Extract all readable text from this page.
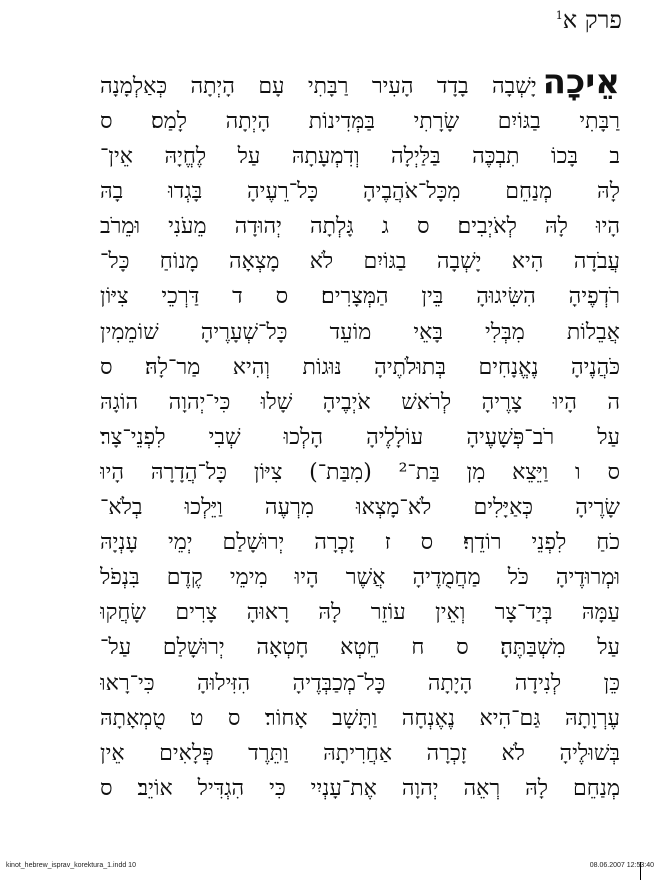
פרק א$^1$
אֵיכָהיָשְׁבָה בָדָד הָעִיר רַבָּתִי עָם הָיְתָה כְּאַלְמָנָה
רַבָּתִי בַגּוֹיִם שָׂרָתִי בַּמְּדִינוֹת הָיְתָה לָמַס׃ ס
ב בָּכוֹ תִבְכֶּה בַּלַּיְלָה וְדִמְעָתָהּ עַל לֶחֱיָהּ אֵין־
לָהּ מְנַחֵם מִכָּל־אֹהֲבֶיהָ כָּל־רֵעֶיהָ בָּגְדוּ בָהּ
הָיוּ לָהּ לְאֹיְבִים׃ ס ג גָּלְתָה יְהוּדָה מֵעֹנִי וּמֵרֹב
עֲבֹדָה הִיא יָשְׁבָה בַגּוֹיִם לֹא מָצְאָה מָנוֹחַ כָּל־
רֹדְפֶיהָ הִשִּׂיגוּהָ בֵּין הַמְּצָרִים׃ ס ד דַּרְכֵי צִיּוֹן
אֲבֵלוֹת מִבְּלִי בָּאֵי מוֹעֵד כָּל־שְׁעָרֶיהָ שׁוֹמֵמִין
כֹּהֲנֶיהָ נֶאֱנָחִים בְּתוּלֹתֶיהָ נּוּגוֹת וְהִיא מַר־לָהּ׃ ס
ה הָיוּ צָרֶיהָ לְרֹאשׁ אֹיְבֶיהָ שָׁלוּ כִּי־יְהוָה הוֹגָהּ
עַל רֹב־פְּשָׁעֶיהָ עוֹלָלֶיהָ הָלְכוּ שְׁבִי לִפְנֵי־צָר׃
ס ו וַיֵּצֵא מִן בַּת־² (מִבַּת־) צִיּוֹן כָּל־הֲדָרָהּ הָיוּ
שָׂרֶיהָ כְּאַיָּלִים לֹא־מָצְאוּ מִרְעֶה וַיֵּלְכוּ בְלֹא־
כֹחַ לִפְנֵי רוֹדֵף׃ ס ז זָכְרָה יְרוּשָׁלַם יְמֵי עָנְיָהּ
וּמְרוּדֶיהָ כֹּל מַחֲמֻדֶיהָ אֲשֶׁר הָיוּ מִימֵי קֶדֶם בִּנְפֹל
עַמָּהּ בְּיַד־צָר וְאֵין עוֹזֵר לָהּ רָאוּהָ צָרִים שָׂחֲקוּ
עַל מִשְׁבַּתֶּהָ׃ ס ח חֵטְא חָטְאָה יְרוּשָׁלַם עַל־
כֵּן לְנִידָה הָיָתָה כָּל־מְכַבְּדֶיהָ הִזִּילוּהָ כִּי־רָאוּ
עֶרְוָתָהּ גַּם־הִיא נֶאֶנְחָה וַתָּשָׁב אָחוֹר׃ ס ט טֻמְאָתָהּ
בְּשׁוּלֶיהָ לֹא זָכְרָה אַחֲרִיתָהּ וַתֵּרֶד פְּלָאִים אֵין
מְנַחֵם לָהּ רְאֵה יְהוָה אֶת־עָנְיִי כִּי הִגְדִּיל אוֹיֵב׃ ס
kinot_hebrew_isprav_korektura_1.indd 10	08.06.2007 12:53:40
